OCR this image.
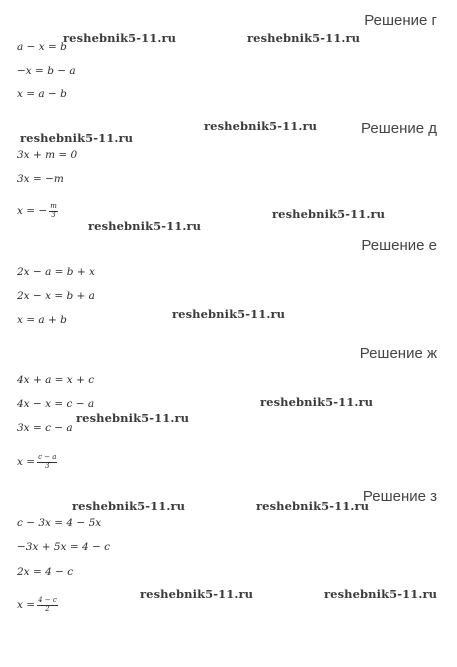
Решение г
a − x = b
−x = b − a
x = a − b
Решение д
3x + m = 0
3x = −m
x = − $\frac{m}{3}$
Решение е
2x − a = b + x
2x − x = b + a
x = a + b
Решение ж
4x + a = x + c
4x − x = c − a
3x = c − a
$x = \frac{c - a}{3}$
Решение з
c − 3x = 4 − 5x
−3x + 5x = 4 − c
2x = 4 − c
$x = \frac{4 - c}{2}$
reshebnik5-11.ru	reshebnik5-11.ru
reshebnik5-11.ru
reshebnik5-11.ru
reshebnik5-11.ru
reshebnik5-11.ru
reshebnik5-11.ru
reshebnik5-11.ru
reshebnik5-11.ru
reshebnik5-11.ru	reshebnik5-11.ru
reshebnik5-11.ru	reshebnik5-11.ru
